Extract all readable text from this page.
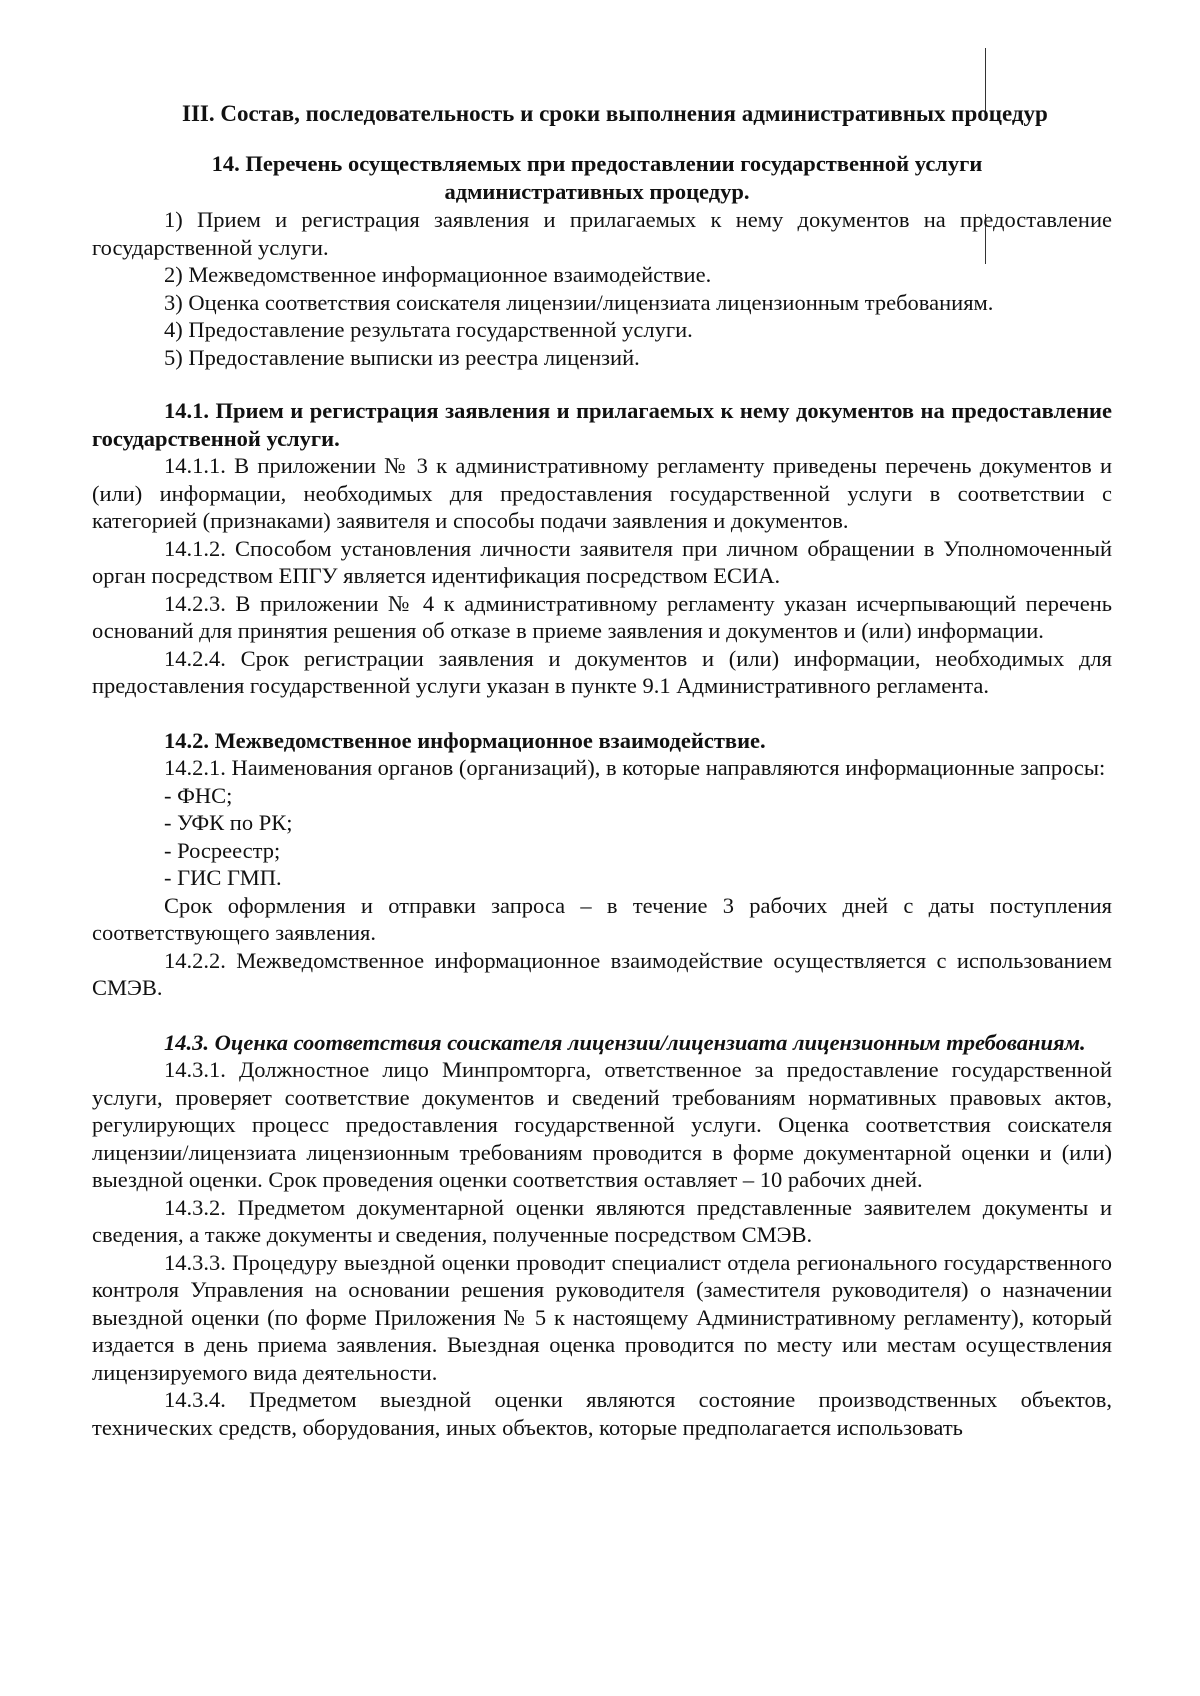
III. Состав, последовательность и сроки выполнения административных процедур
14. Перечень осуществляемых при предоставлении государственной услуги административных процедур.

1) Прием и регистрация заявления и прилагаемых к нему документов на предоставление государственной услуги.

2) Межведомственное информационное взаимодействие.

3) Оценка соответствия соискателя лицензии/лицензиата лицензионным требованиям.

4) Предоставление результата государственной услуги.

5) Предоставление выписки из реестра лицензий.

14.1. Прием и регистрация заявления и прилагаемых к нему документов на предоставление государственной услуги.

14.1.1. В приложении № 3 к административному регламенту приведены перечень документов и (или) информации, необходимых для предоставления государственной услуги в соответствии с категорией (признаками) заявителя и способы подачи заявления и документов.

14.1.2. Способом установления личности заявителя при личном обращении в Уполномоченный орган посредством ЕПГУ является идентификация посредством ЕСИА.

14.2.3. В приложении № 4 к административному регламенту указан исчерпывающий перечень оснований для принятия решения об отказе в приеме заявления и документов и (или) информации.

14.2.4. Срок регистрации заявления и документов и (или) информации, необходимых для предоставления государственной услуги указан в пункте 9.1 Административного регламента.

14.2. Межведомственное информационное взаимодействие.

14.2.1. Наименования органов (организаций), в которые направляются информационные запросы:

- ФНС;

- УФК по РК;

- Росреестр;

- ГИС ГМП.

Срок оформления и отправки запроса – в течение 3 рабочих дней с даты поступления соответствующего заявления.

14.2.2. Межведомственное информационное взаимодействие осуществляется с использованием СМЭВ.

14.3. Оценка соответствия соискателя лицензии/лицензиата лицензионным требованиям.

14.3.1. Должностное лицо Минпромторга, ответственное за предоставление государственной услуги, проверяет соответствие документов и сведений требованиям нормативных правовых актов, регулирующих процесс предоставления государственной услуги. Оценка соответствия соискателя лицензии/лицензиата лицензионным требованиям проводится в форме документарной оценки и (или) выездной оценки. Срок проведения оценки соответствия оставляет – 10 рабочих дней.

14.3.2. Предметом документарной оценки являются представленные заявителем документы и сведения, а также документы и сведения, полученные посредством СМЭВ.

14.3.3. Процедуру выездной оценки проводит специалист отдела регионального государственного контроля Управления на основании решения руководителя (заместителя руководителя) о назначении выездной оценки (по форме Приложения № 5 к настоящему Административному регламенту), который издается в день приема заявления. Выездная оценка проводится по месту или местам осуществления лицензируемого вида деятельности.

14.3.4. Предметом выездной оценки являются состояние производственных объектов, технических средств, оборудования, иных объектов, которые предполагается использовать
